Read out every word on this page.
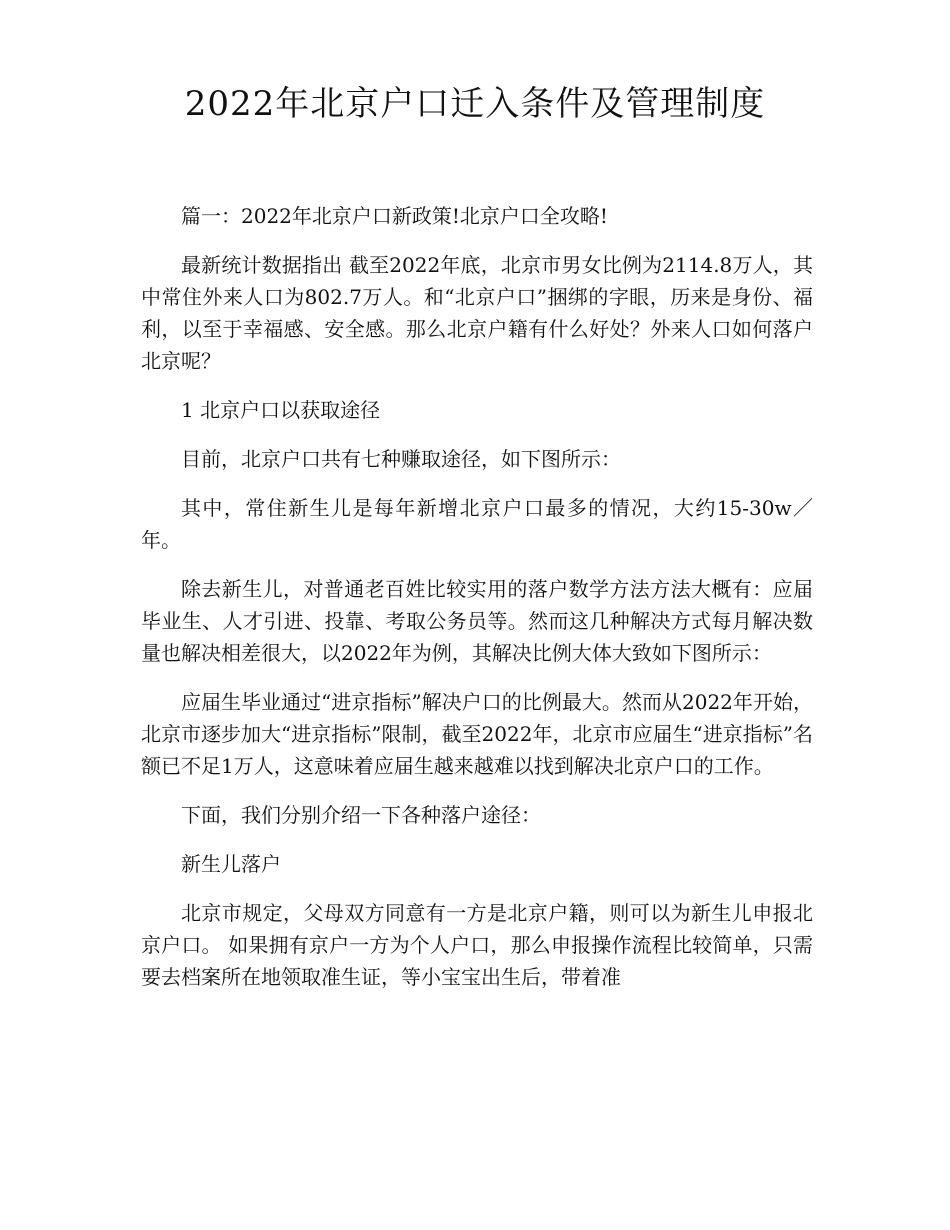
2022年北京户口迁入条件及管理制度

篇一：2022年北京户口新政策!北京户口全攻略!

最新统计数据指出 截至2022年底，北京市男女比例为2114.8万人，其中常住外来人口为802.7万人。和“北京户口”捆绑的字眼，历来是身份、福利，以至于幸福感、安全感。那么北京户籍有什么好处？外来人口如何落户北京呢？

1 北京户口以获取途径

目前，北京户口共有七种赚取途径，如下图所示：

其中，常住新生儿是每年新增北京户口最多的情况，大约15-30w／年。

除去新生儿，对普通老百姓比较实用的落户数学方法方法大概有：应届毕业生、人才引进、投靠、考取公务员等。然而这几种解决方式每月解决数量也解决相差很大，以2022年为例，其解决比例大体大致如下图所示：

应届生毕业通过“进京指标”解决户口的比例最大。然而从2022年开始，北京市逐步加大“进京指标”限制，截至2022年，北京市应届生“进京指标”名额已不足1万人，这意味着应届生越来越难以找到解决北京户口的工作。

下面，我们分别介绍一下各种落户途径：

新生儿落户

北京市规定，父母双方同意有一方是北京户籍，则可以为新生儿申报北京户口。 如果拥有京户一方为个人户口，那么申报操作流程比较简单，只需要去档案所在地领取准生证，等小宝宝出生后，带着准
